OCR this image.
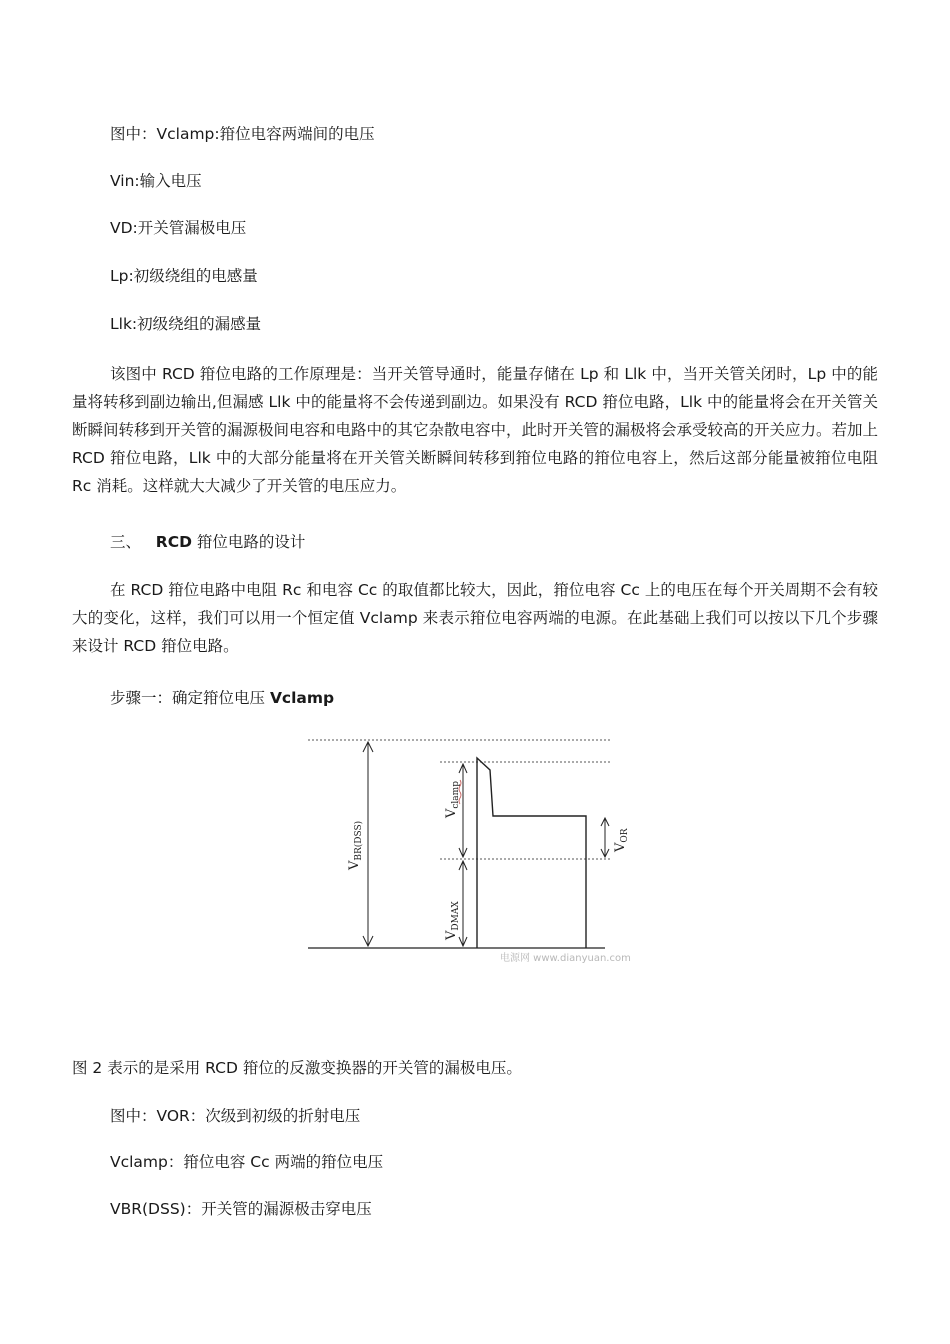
图中：Vclamp:箝位电容两端间的电压
Vin:输入电压
VD:开关管漏极电压
Lp:初级绕组的电感量
Llk:初级绕组的漏感量
该图中 RCD 箝位电路的工作原理是：当开关管导通时，能量存储在 Lp 和 Llk 中，当开关管关闭时，Lp 中的能量将转移到副边输出,但漏感 Llk 中的能量将不会传递到副边。如果没有 RCD 箝位电路，Llk 中的能量将会在开关管关断瞬间转移到开关管的漏源极间电容和电路中的其它杂散电容中，此时开关管的漏极将会承受较高的开关应力。若加上 RCD 箝位电路，Llk 中的大部分能量将在开关管关断瞬间转移到箝位电路的箝位电容上，然后这部分能量被箝位电阻 Rc 消耗。这样就大大减少了开关管的电压应力。
三、 RCD 箝位电路的设计
在 RCD 箝位电路中电阻 Rc 和电容 Cc 的取值都比较大，因此，箝位电容 Cc 上的电压在每个开关周期不会有较大的变化，这样，我们可以用一个恒定值 Vclamp 来表示箝位电容两端的电源。在此基础上我们可以按以下几个步骤来设计 RCD 箝位电路。
步骤一：确定箝位电压 Vclamp
$V_{BR(DSS)}$
$V_{clamp}$
$V_{DMAX}$
$V_{OR}$
电源网 www.dianyuan.com
图 2 表示的是采用 RCD 箝位的反激变换器的开关管的漏极电压。
图中：VOR：次级到初级的折射电压
Vclamp：箝位电容 Cc 两端的箝位电压
VBR(DSS)：开关管的漏源极击穿电压
